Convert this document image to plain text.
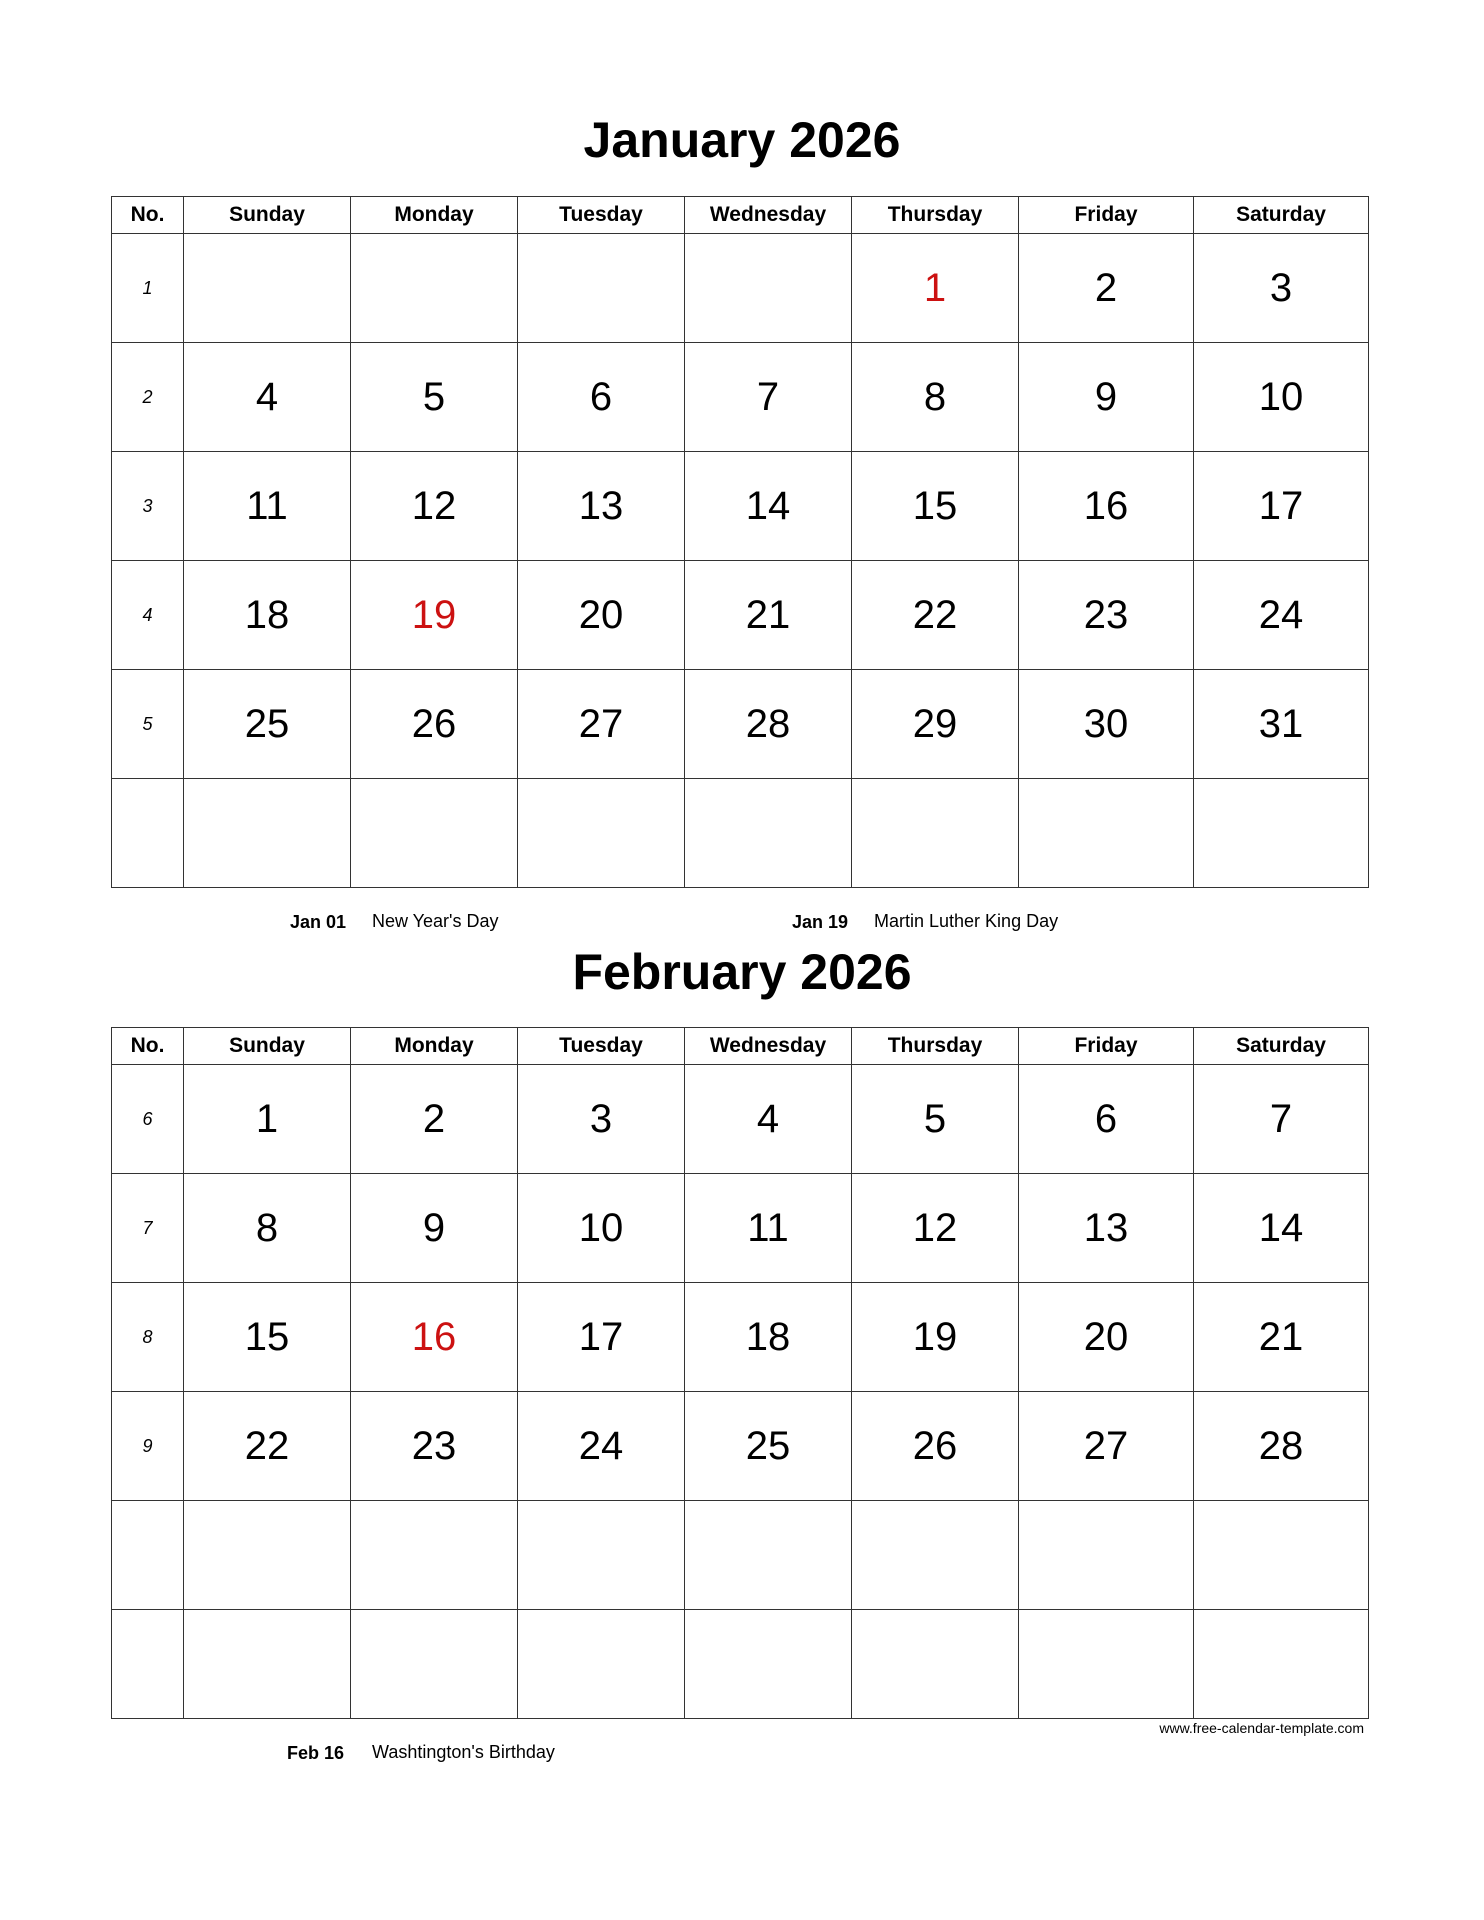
January 2026
No.	Sunday	Monday	Tuesday	Wednesday	Thursday	Friday	Saturday
1					1	2	3
2	4	5	6	7	8	9	10
3	11	12	13	14	15	16	17
4	18	19	20	21	22	23	24
5	25	26	27	28	29	30	31

Jan 01 New Year's Day	Jan 19 Martin Luther King Day
February 2026
No.	Sunday	Monday	Tuesday	Wednesday	Thursday	Friday	Saturday
6	1	2	3	4	5	6	7
7	8	9	10	11	12	13	14
8	15	16	17	18	19	20	21
9	22	23	24	25	26	27	28

www.free-calendar-template.com
Feb 16 Washtington's Birthday
